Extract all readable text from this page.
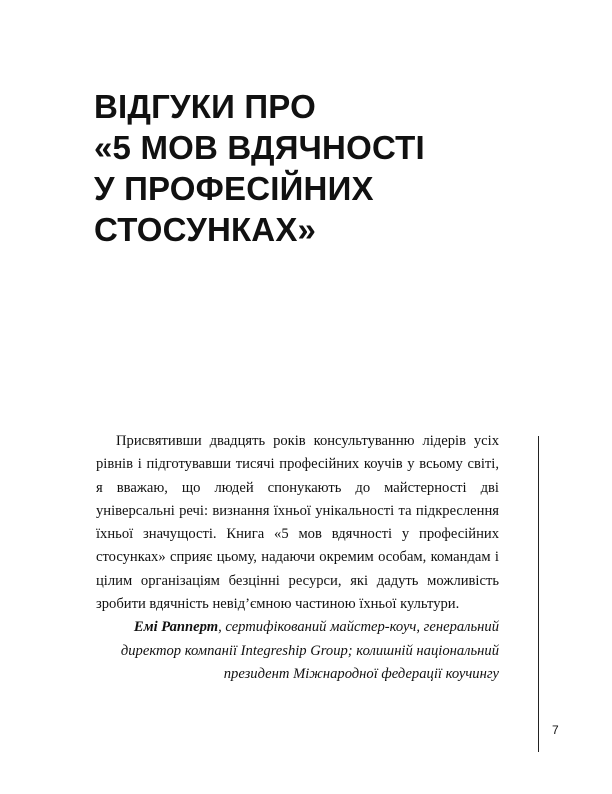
ВІДГУКИ ПРО
«5 МОВ ВДЯЧНОСТІ
У ПРОФЕСІЙНИХ
СТОСУНКАХ»

Присвятивши двадцять років консультуванню лідерів усіх рівнів і підготувавши тисячі професійних коучів у всьому світі, я вважаю, що людей спонукають до майстерності дві універсальні речі: визнання їхньої унікальності та підкреслення їхньої значущості. Книга «5 мов вдячності у професійних стосунках» сприяє цьому, надаючи окремим особам, командам і цілим організаціям безцінні ресурси, які дадуть можливість зробити вдячність невід’ємною частиною їхньої культури.

Емі Рапперт, сертифікований майстер-коуч, генеральний директор компанії Integreship Group; колишній національний президент Міжнародної федерації коучингу

7
